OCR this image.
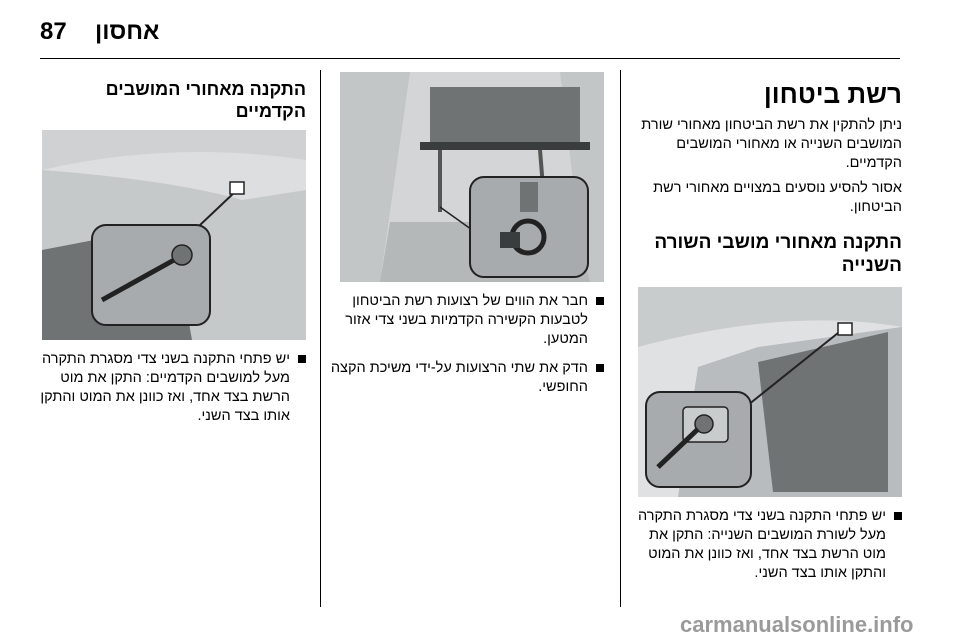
87 אחסון
רשת ביטחון
ניתן להתקין את רשת הביטחון מאחורי שורת המושבים השנייה או מאחורי המושבים הקדמיים.
אסור להסיע נוסעים במצויים מאחורי רשת הביטחון.
התקנה מאחורי מושבי השורה השנייה
יש פתחי התקנה בשני צדי מסגרת התקרה מעל לשורת המושבים השנייה: התקן את מוט הרשת בצד אחד, ואז כוונן את המוט והתקן אותו בצד השני.
חבר את הווים של רצועות רשת הביטחון לטבעות הקשירה הקדמיות בשני צדי אזור המטען.
הדק את שתי הרצועות על-ידי משיכת הקצה החופשי.
התקנה מאחורי המושבים הקדמיים
יש פתחי התקנה בשני צדי מסגרת התקרה מעל למושבים הקדמיים: התקן את מוט הרשת בצד אחד, ואז כוונן את המוט והתקן אותו בצד השני.
carmanualsonline.info
